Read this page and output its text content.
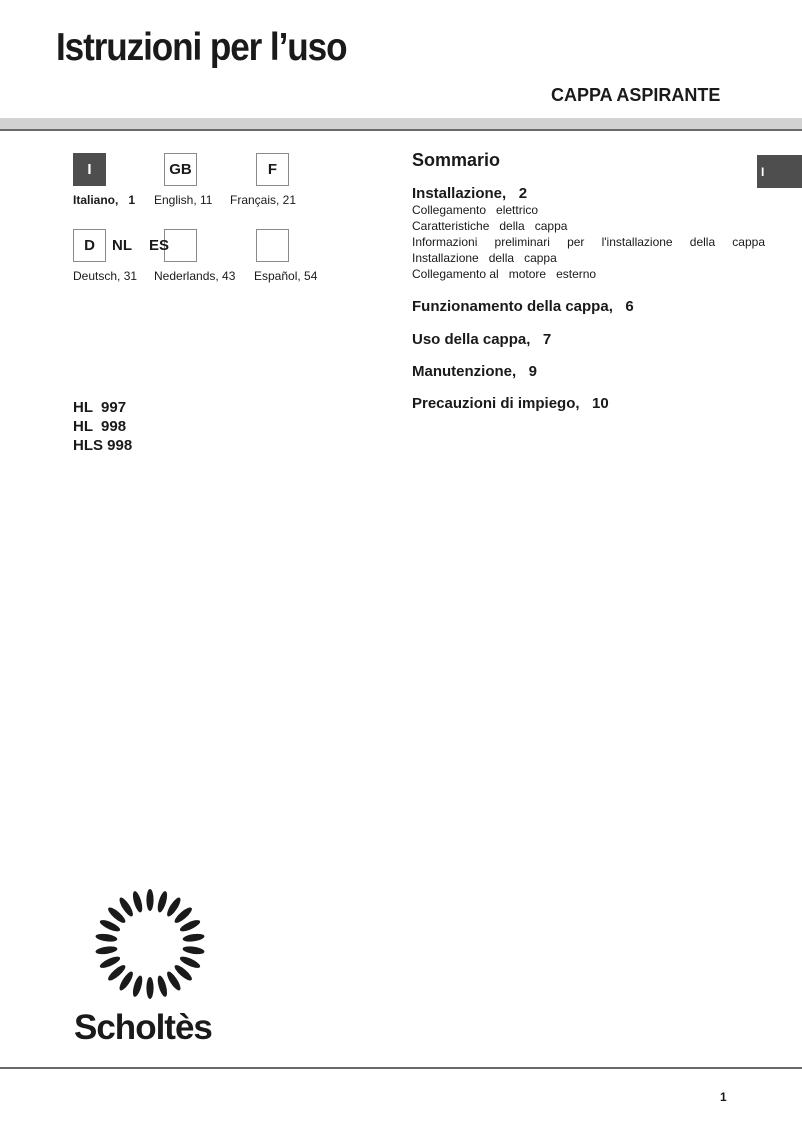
Istruzioni per l’uso
CAPPA ASPIRANTE
I	GB	F
Italiano, 1 English, 11 Français, 21
D NL ES
Deutsch, 31 Nederlands, 43 Español, 54
HL  997
HL  998
HLS 998
Sommario
Installazione,   2
Collegamento   elettrico
Caratteristiche   della   cappa
Informazioni preliminari per l'installazione della cappa
Installazione   della   cappa
Collegamento al   motore   esterno
Funzionamento della cappa,   6
Uso della cappa,   7
Manutenzione,   9
Precauzioni di impiego,   10
I
Scholtès
1
